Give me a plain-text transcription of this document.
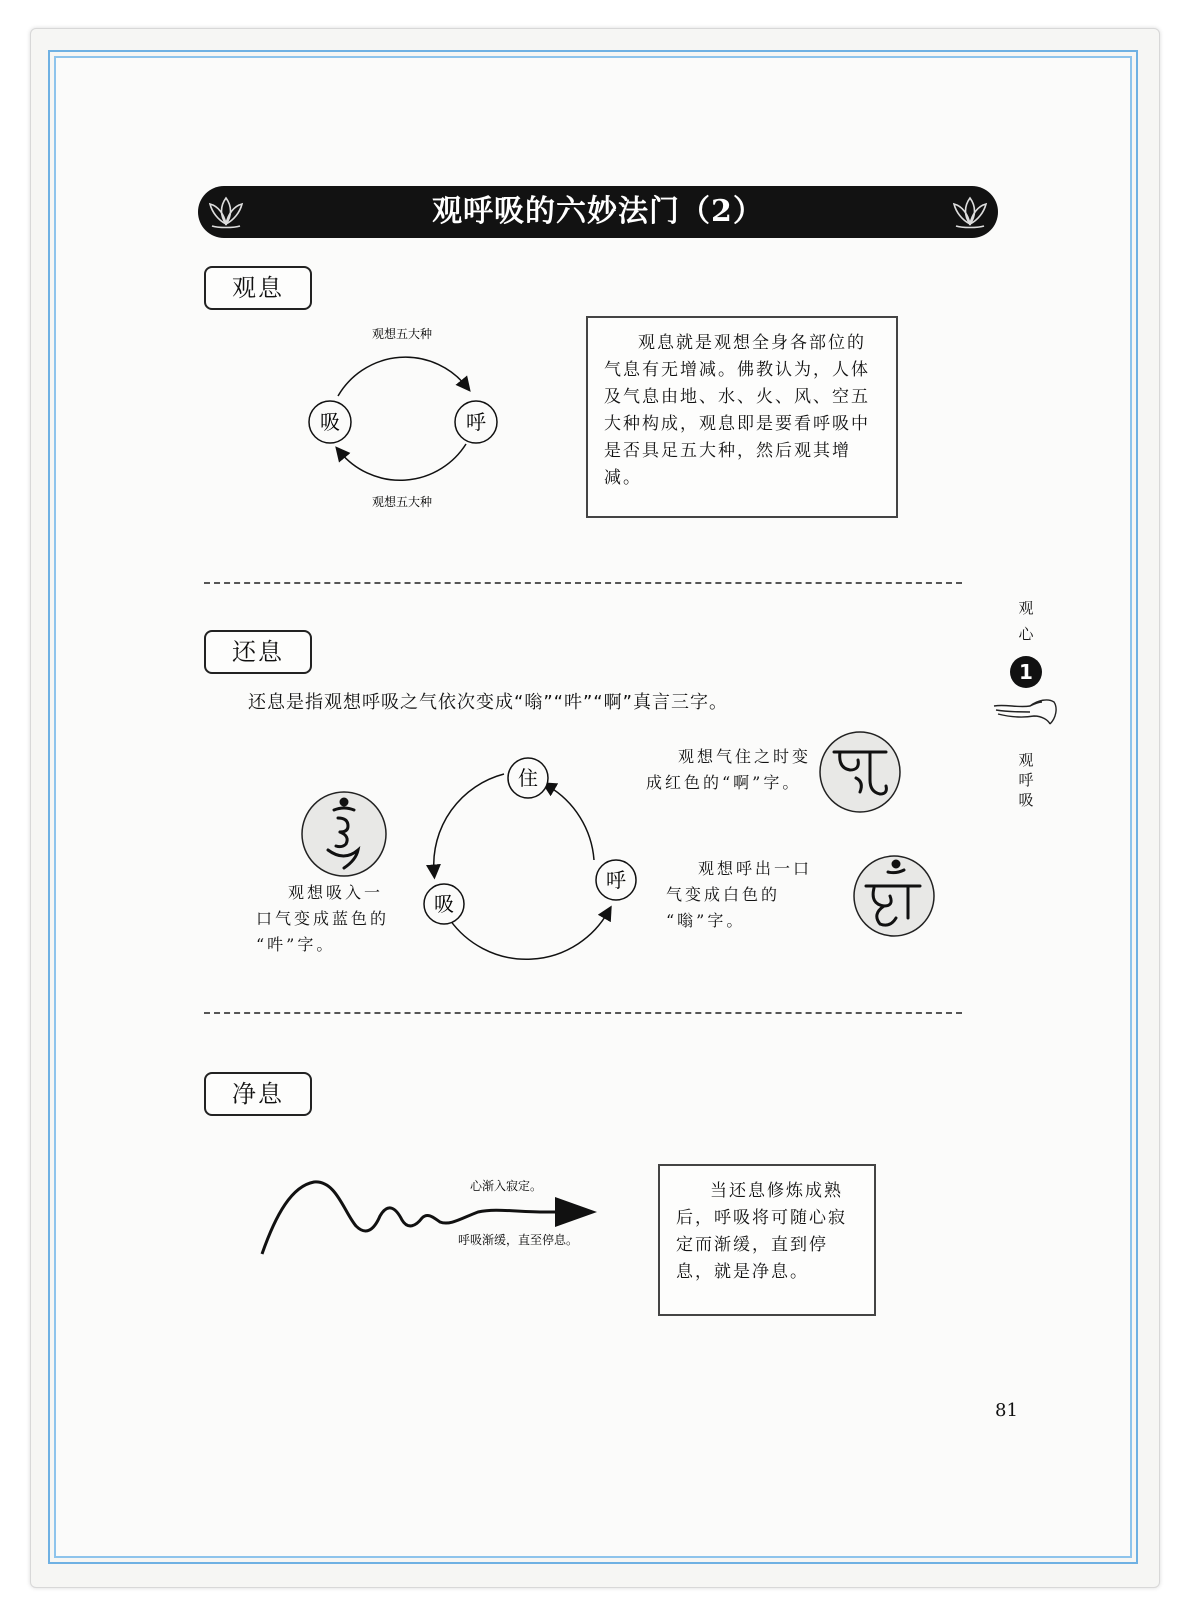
观呼吸的六妙法门（2）
观息
吸	呼
观想五大种
观想五大种

观息就是观想全身各部位的气息有无增减。佛教认为，人体及气息由地、水、火、风、空五大种构成，观息即是要看呼吸中是否具足五大种，然后观其增减。

观
心
1
观
呼
吸
还息
还息是指观想呼吸之气依次变成“嗡”“吽”“啊”真言三字。
住
吸
呼
观想气住之时变
成红色的“啊”字。
观想吸入一
口气变成蓝色的
“吽”字。
观想呼出一口
气变成白色的
“嗡”字。
净息
心渐入寂定。
呼吸渐缓，直至停息。

当还息修炼成熟后，呼吸将可随心寂定而渐缓，直到停息，就是净息。

81
